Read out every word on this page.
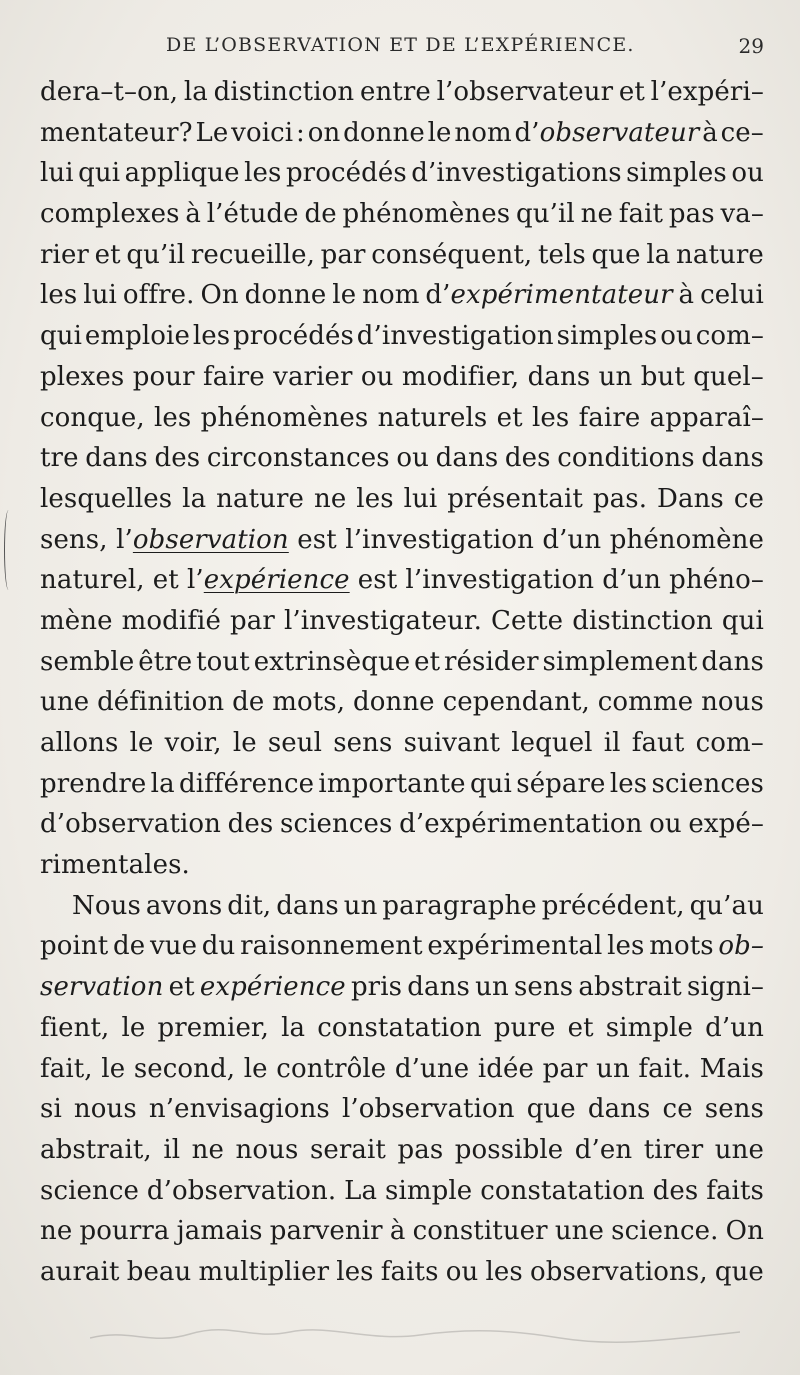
DE L’OBSERVATION ET DE L’EXPÉRIENCE.	29
dera–t–on, la distinction entre l’observateur et l’expéri–
mentateur? Le voici : on donne le nom d’observateur à ce–
lui qui applique les procédés d’investigations simples ou
complexes à l’étude de phénomènes qu’il ne fait pas va–
rier et qu’il recueille, par conséquent, tels que la nature
les lui offre. On donne le nom d’expérimentateur à celui
qui emploie les procédés d’investigation simples ou com–
plexes pour faire varier ou modifier, dans un but quel–
conque, les phénomènes naturels et les faire apparaî–
tre dans des circonstances ou dans des conditions dans
lesquelles la nature ne les lui présentait pas. Dans ce
sens, l’observation est l’investigation d’un phénomène
naturel, et l’expérience est l’investigation d’un phéno–
mène modifié par l’investigateur. Cette distinction qui
semble être tout extrinsèque et résider simplement dans
une définition de mots, donne cependant, comme nous
allons le voir, le seul sens suivant lequel il faut com–
prendre la différence importante qui sépare les sciences
d’observation des sciences d’expérimentation ou expé–
rimentales.
Nous avons dit, dans un paragraphe précédent, qu’au
point de vue du raisonnement expérimental les mots ob–
servation et expérience pris dans un sens abstrait signi–
fient, le premier, la constatation pure et simple d’un
fait, le second, le contrôle d’une idée par un fait. Mais
si nous n’envisagions l’observation que dans ce sens
abstrait, il ne nous serait pas possible d’en tirer une
science d’observation. La simple constatation des faits
ne pourra jamais parvenir à constituer une science. On
aurait beau multiplier les faits ou les observations, que
